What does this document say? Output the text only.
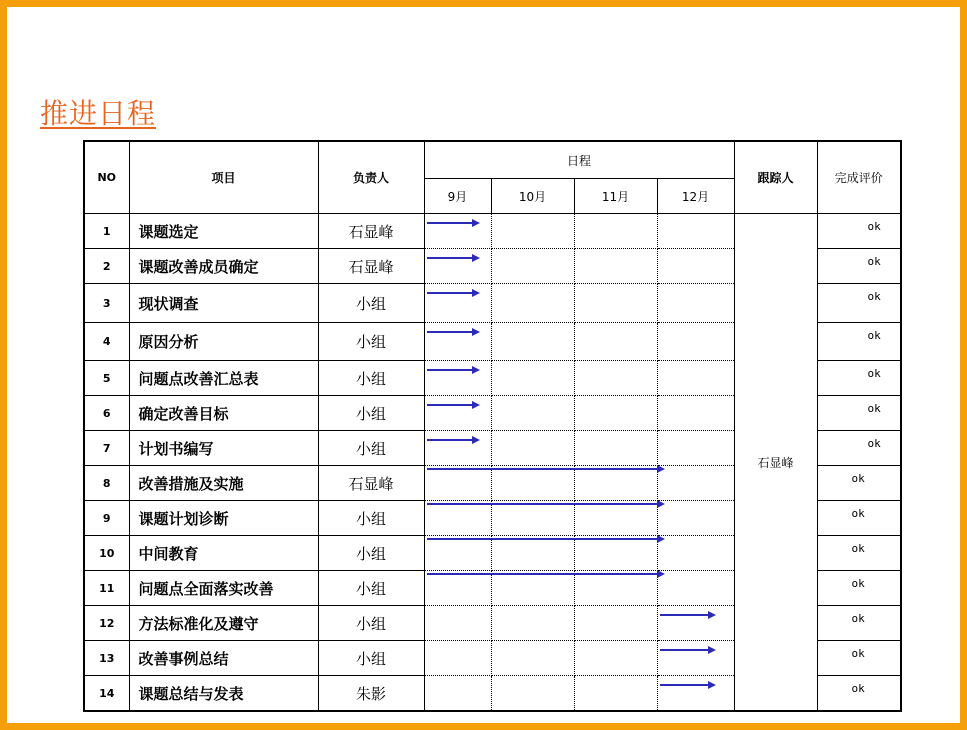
推进日程
NO	项目	负责人	日程				跟踪人	完成评价
			9月	10月	11月	12月		
1	课题选定	石显峰					石显峰	ok

2	课题改善成员确定	石显峰						ok

3	现状调查	小组						ok

4	原因分析	小组						ok

5	问题点改善汇总表	小组						ok

6	确定改善目标	小组						ok

7	计划书编写	小组						ok

8	改善措施及实施	石显峰						ok

9	课题计划诊断	小组						ok

10	中间教育	小组						ok

11	问题点全面落实改善	小组						ok

12	方法标准化及遵守	小组						ok

13	改善事例总结	小组						ok

14	课题总结与发表	朱影						ok
